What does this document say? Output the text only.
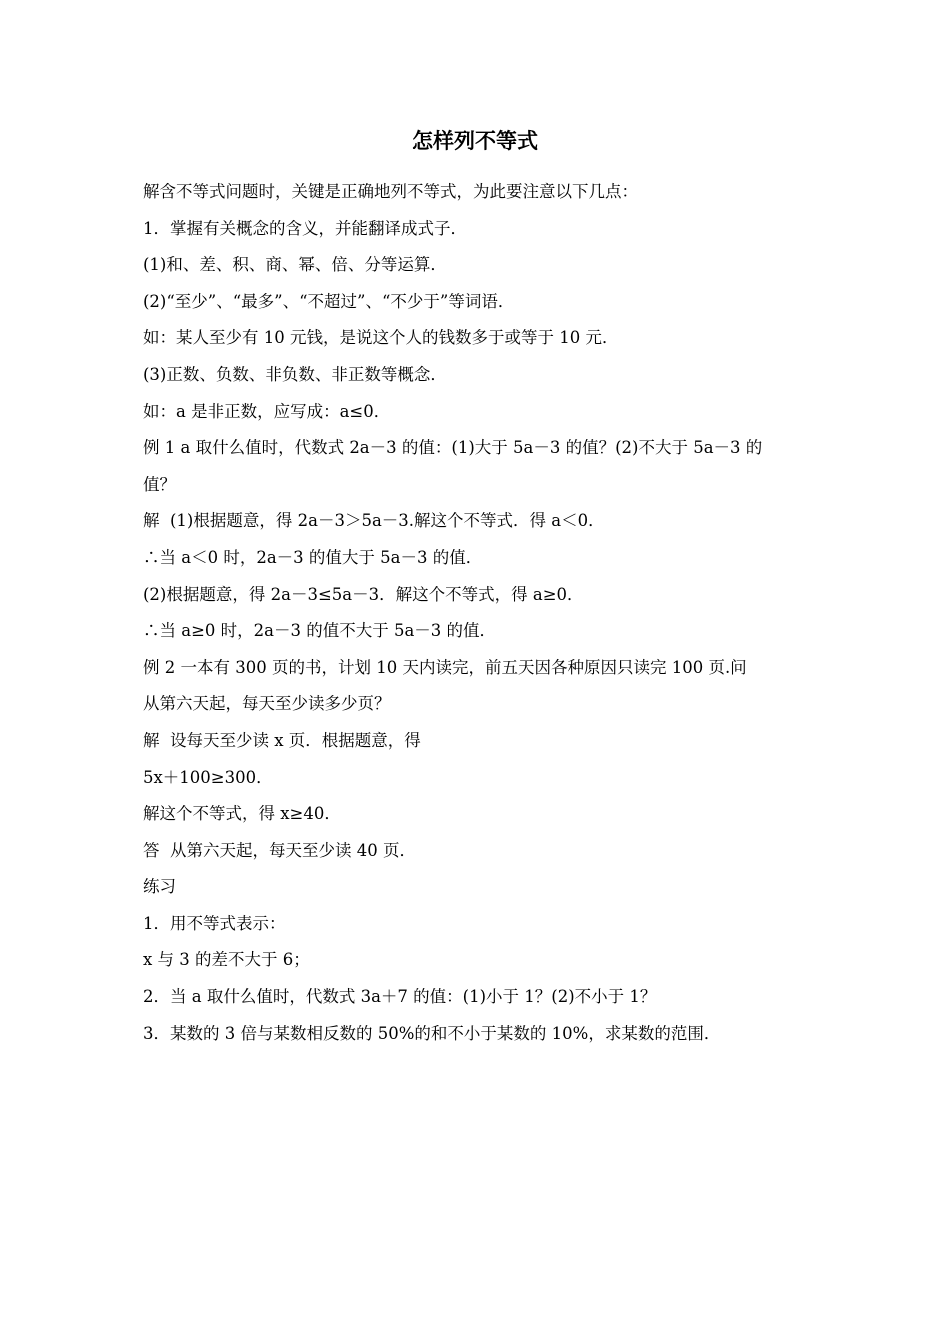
怎样列不等式

解含不等式问题时，关键是正确地列不等式，为此要注意以下几点：

1．掌握有关概念的含义，并能翻译成式子．

(1)和、差、积、商、幂、倍、分等运算．

(2)“至少”、“最多”、“不超过”、“不少于”等词语．

如：某人至少有 10 元钱，是说这个人的钱数多于或等于 10 元．

(3)正数、负数、非负数、非正数等概念．

如：a 是非正数，应写成：a≤0．

例 1 a 取什么值时，代数式 2a－3 的值：(1)大于 5a－3 的值？(2)不大于 5a－3 的

值？

解  (1)根据题意，得 2a－3＞5a－3.解这个不等式．得 a＜0．

∴当 a＜0 时，2a－3 的值大于 5a－3 的值．

(2)根据题意，得 2a－3≤5a－3．解这个不等式，得 a≥0．

∴当 a≥0 时，2a－3 的值不大于 5a－3 的值．

例 2 一本有 300 页的书，计划 10 天内读完，前五天因各种原因只读完 100 页.问

从第六天起，每天至少读多少页？

解  设每天至少读 x 页．根据题意，得

5x＋100≥300．

解这个不等式，得 x≥40．

答  从第六天起，每天至少读 40 页．

练习

1．用不等式表示：

x 与 3 的差不大于 6；

2．当 a 取什么值时，代数式 3a＋7 的值：(1)小于 1？(2)不小于 1？

3．某数的 3 倍与某数相反数的 50%的和不小于某数的 10%，求某数的范围．
